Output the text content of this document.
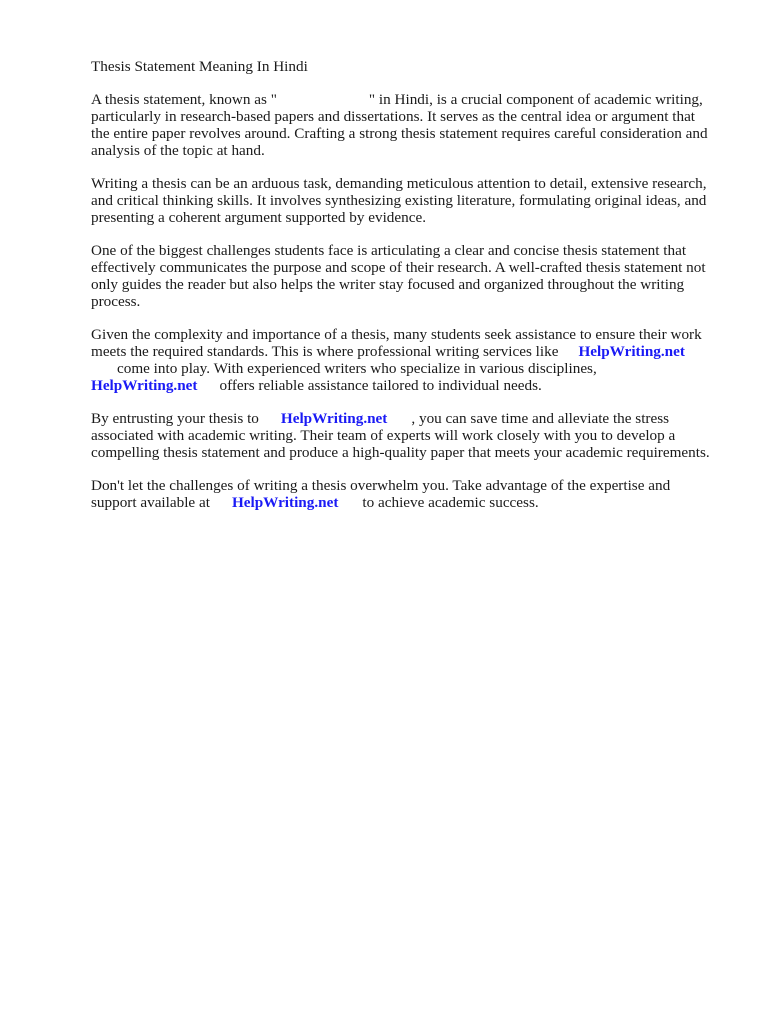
Thesis Statement Meaning In Hindi
A thesis statement, known as "	" in Hindi, is a crucial component of academic writing,
particularly in research-based papers and dissertations. It serves as the central idea or argument that
the entire paper revolves around. Crafting a strong thesis statement requires careful consideration and
analysis of the topic at hand.
Writing a thesis can be an arduous task, demanding meticulous attention to detail, extensive research,
and critical thinking skills. It involves synthesizing existing literature, formulating original ideas, and
presenting a coherent argument supported by evidence.
One of the biggest challenges students face is articulating a clear and concise thesis statement that
effectively communicates the purpose and scope of their research. A well-crafted thesis statement not
only guides the reader but also helps the writer stay focused and organized throughout the writing
process.
Given the complexity and importance of a thesis, many students seek assistance to ensure their work
meets the required standards. This is where professional writing services like HelpWriting.net
come into play. With experienced writers who specialize in various disciplines,
HelpWriting.net offers reliable assistance tailored to individual needs.
By entrusting your thesis to HelpWriting.net , you can save time and alleviate the stress
associated with academic writing. Their team of experts will work closely with you to develop a
compelling thesis statement and produce a high-quality paper that meets your academic requirements.
Don't let the challenges of writing a thesis overwhelm you. Take advantage of the expertise and
support available at HelpWriting.net to achieve academic success.
